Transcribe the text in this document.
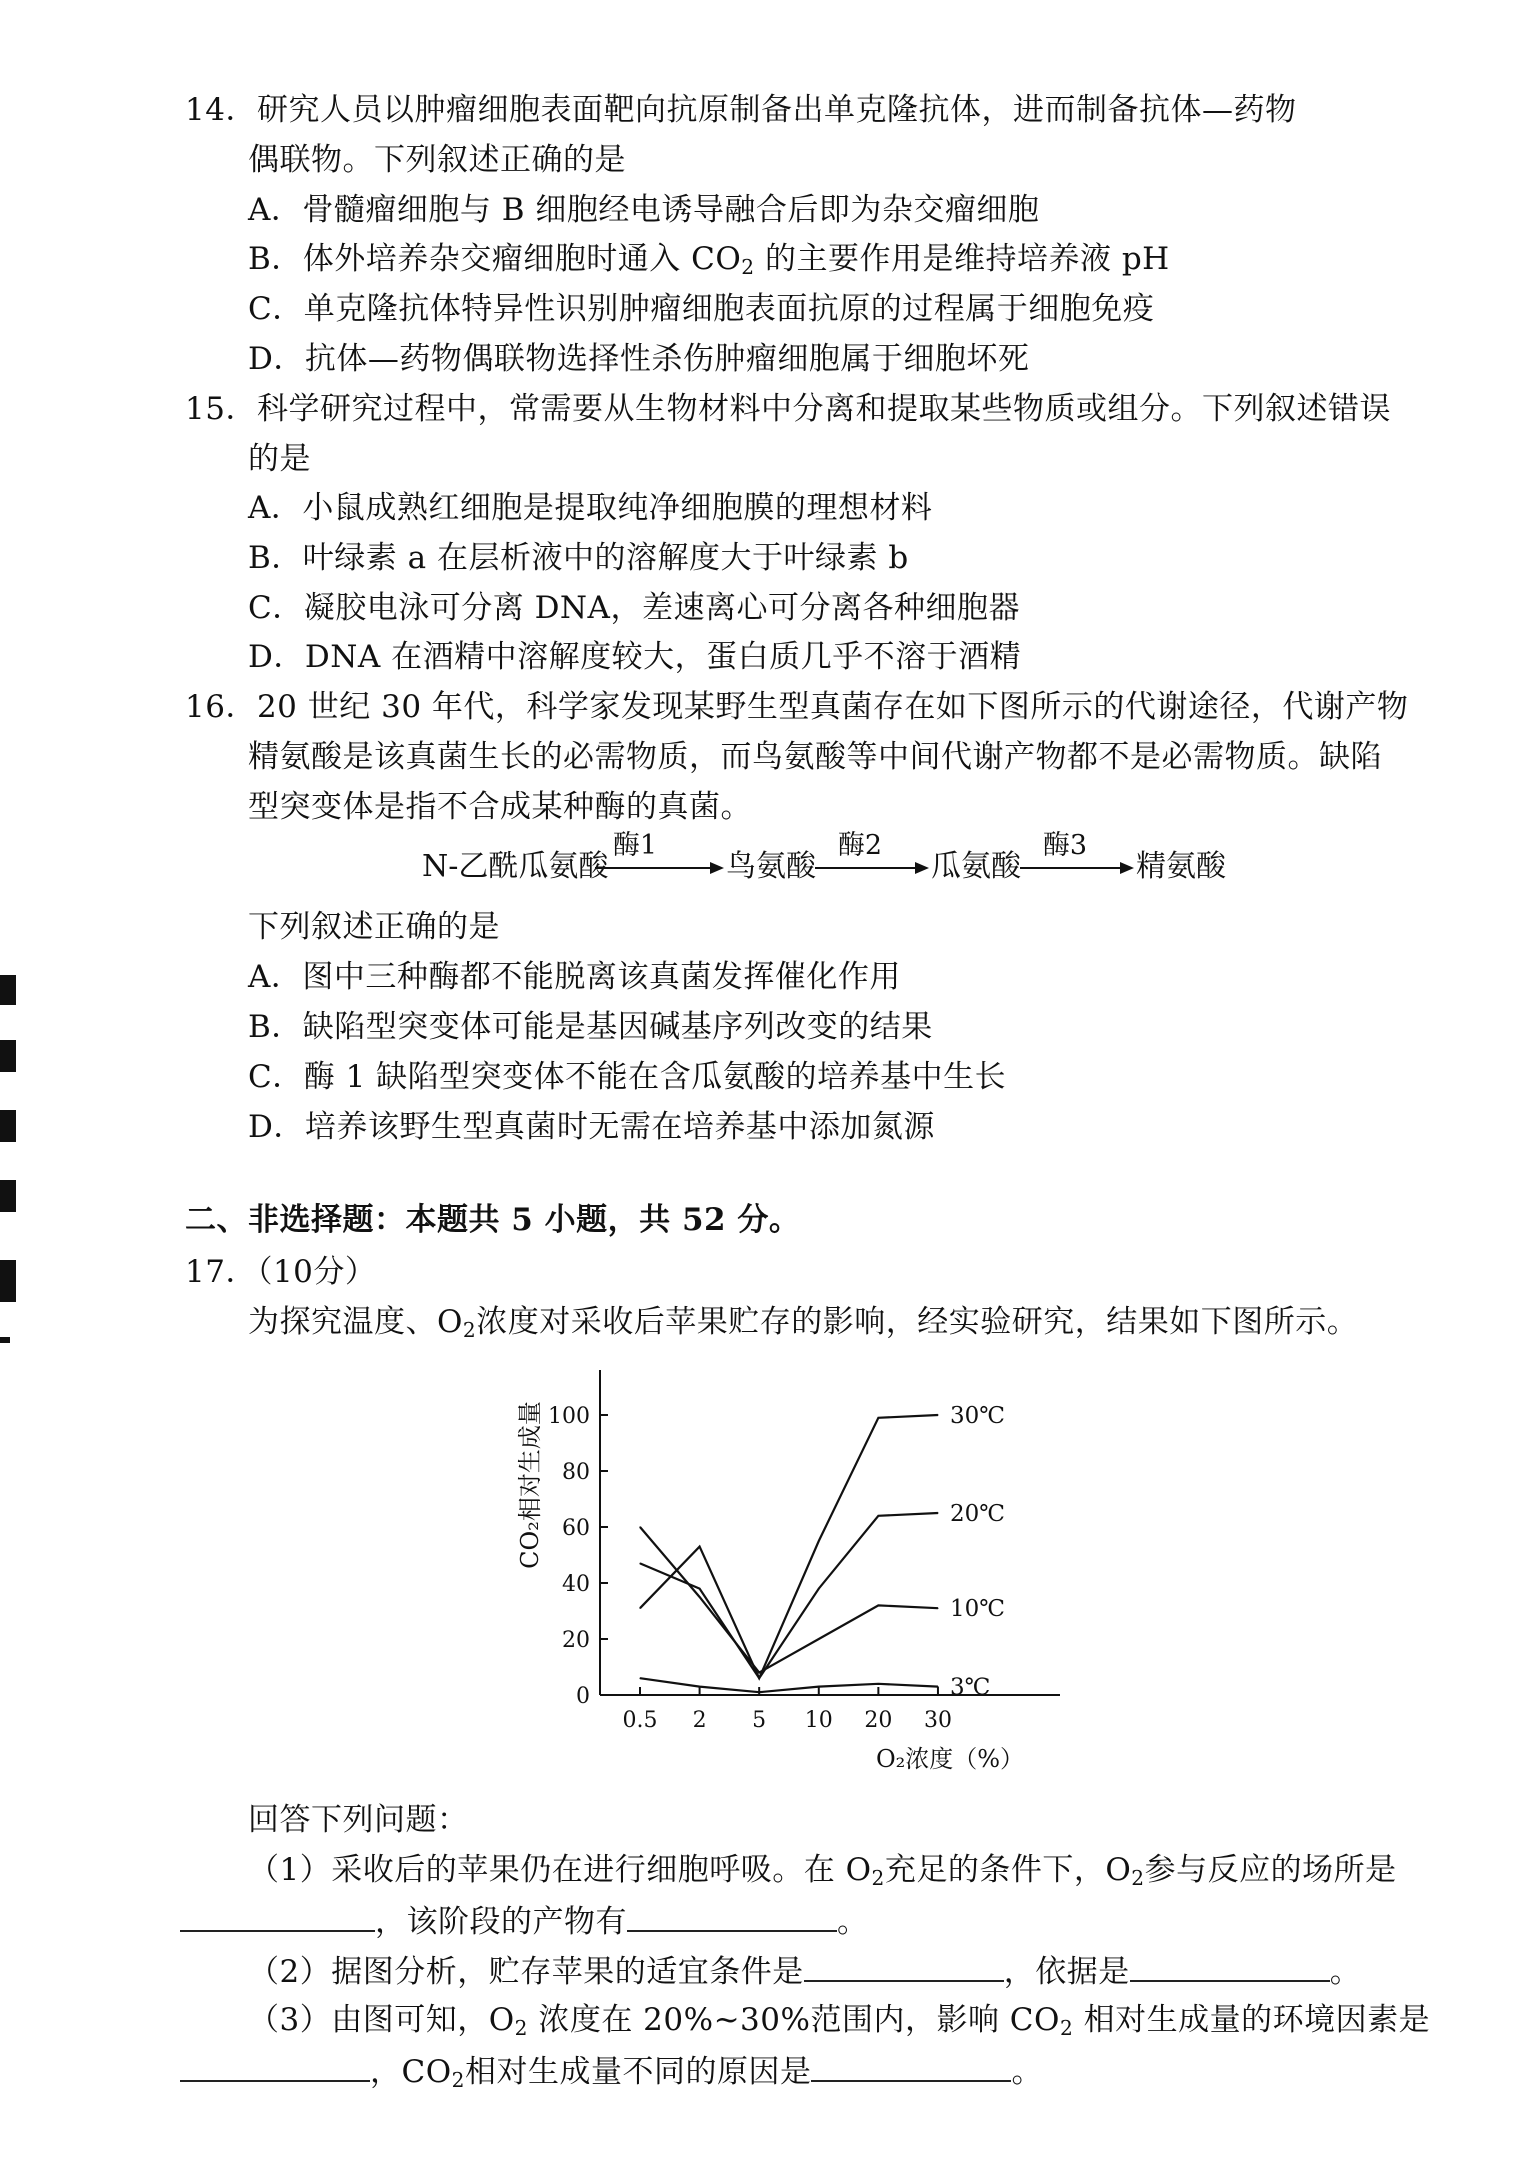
14．研究人员以肿瘤细胞表面靶向抗原制备出单克隆抗体，进而制备抗体—药物
偶联物。下列叙述正确的是
A．骨髓瘤细胞与 B 细胞经电诱导融合后即为杂交瘤细胞
B．体外培养杂交瘤细胞时通入 $CO_2$ 的主要作用是维持培养液 pH
C．单克隆抗体特异性识别肿瘤细胞表面抗原的过程属于细胞免疫
D．抗体—药物偶联物选择性杀伤肿瘤细胞属于细胞坏死
15．科学研究过程中，常需要从生物材料中分离和提取某些物质或组分。下列叙述错误
的是
A．小鼠成熟红细胞是提取纯净细胞膜的理想材料
B．叶绿素 a 在层析液中的溶解度大于叶绿素 b
C．凝胶电泳可分离 DNA，差速离心可分离各种细胞器
D．DNA 在酒精中溶解度较大，蛋白质几乎不溶于酒精
16．20 世纪 30 年代，科学家发现某野生型真菌存在如下图所示的代谢途径，代谢产物
精氨酸是该真菌生长的必需物质，而鸟氨酸等中间代谢产物都不是必需物质。缺陷
型突变体是指不合成某种酶的真菌。
N-乙酰瓜氨酸
酶1
鸟氨酸
酶2
瓜氨酸
酶3
精氨酸
下列叙述正确的是
A．图中三种酶都不能脱离该真菌发挥催化作用
B．缺陷型突变体可能是基因碱基序列改变的结果
C．酶 1 缺陷型突变体不能在含瓜氨酸的培养基中生长
D．培养该野生型真菌时无需在培养基中添加氮源
二、非选择题：本题共 5 小题，共 52 分。
17．（10分）
为探究温度、$O_2$浓度对采收后苹果贮存的影响，经实验研究，结果如下图所示。
0
20
40
60
80
100
0.5 2 5 10 20 30
O₂浓度（%）
CO₂相对生成量	30℃
20℃
10℃
3℃
回答下列问题：
（1）采收后的苹果仍在进行细胞呼吸。在 $O_2$充足的条件下，$O_2$参与反应的场所是
，该阶段的产物有	。
（2）据图分析，贮存苹果的适宜条件是	，依据是	。
（3）由图可知，$O_2$ 浓度在 20%~30%范围内，影响 $CO_2$ 相对生成量的环境因素是
，$CO_2$相对生成量不同的原因是	。
